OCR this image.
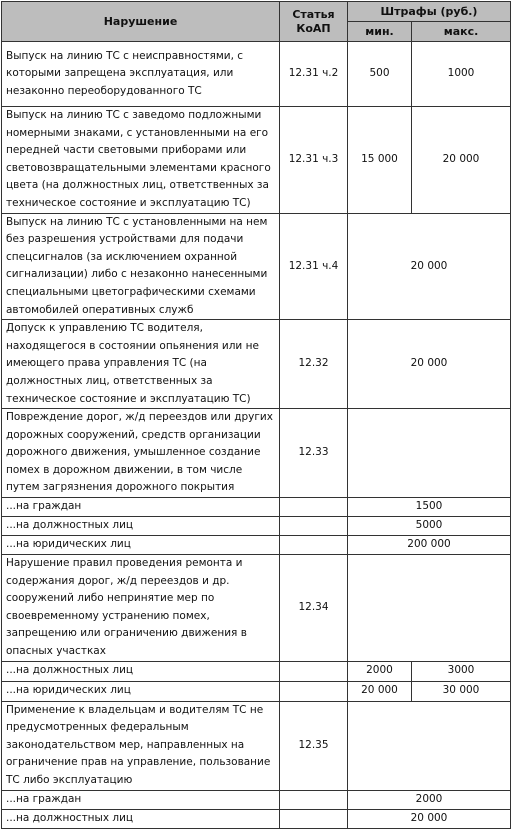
Нарушение	Статья КоАП	Штрафы (руб.)	
		мин.	макс.
Выпуск на линию ТС с неисправностями, с которыми запрещена эксплуатация, или незаконно переоборудованного ТС	12.31 ч.2	500	1000
Выпуск на линию ТС с заведомо подложными номерными знаками, с установленными на его передней части световыми приборами или световозвращательными элементами красного цвета (на должностных лиц, ответственных за техническое состояние и эксплуатацию ТС)	12.31 ч.3	15 000	20 000
Выпуск на линию ТС с установленными на нем без разрешения устройствами для подачи спецсигналов (за исключением охранной сигнализации) либо с незаконно нанесенными специальными цветографическими схемами автомобилей оперативных служб	12.31 ч.4	20 000	
Допуск к управлению ТС водителя, находящегося в состоянии опьянения или не имеющего права управления ТС (на должностных лиц, ответственных за техническое состояние и эксплуатацию ТС)	12.32	20 000	
Повреждение дорог, ж/д переездов или других дорожных сооружений, средств организации дорожного движения, умышленное создание помех в дорожном движении, в том числе путем загрязнения дорожного покрытия	12.33		
...на граждан		1500	
...на должностных лиц		5000	
...на юридических лиц		200 000	
Нарушение правил проведения ремонта и содержания дорог, ж/д переездов и др. сооружений либо непринятие мер по своевременному устранению помех, запрещению или ограничению движения в опасных участках	12.34		
...на должностных лиц		2000	3000
...на юридических лиц		20 000	30 000
Применение к владельцам и водителям ТС не предусмотренных федеральным законодательством мер, направленных на ограничение прав на управление, пользование ТС либо эксплуатацию	12.35		
...на граждан		2000	
...на должностных лиц		20 000	
